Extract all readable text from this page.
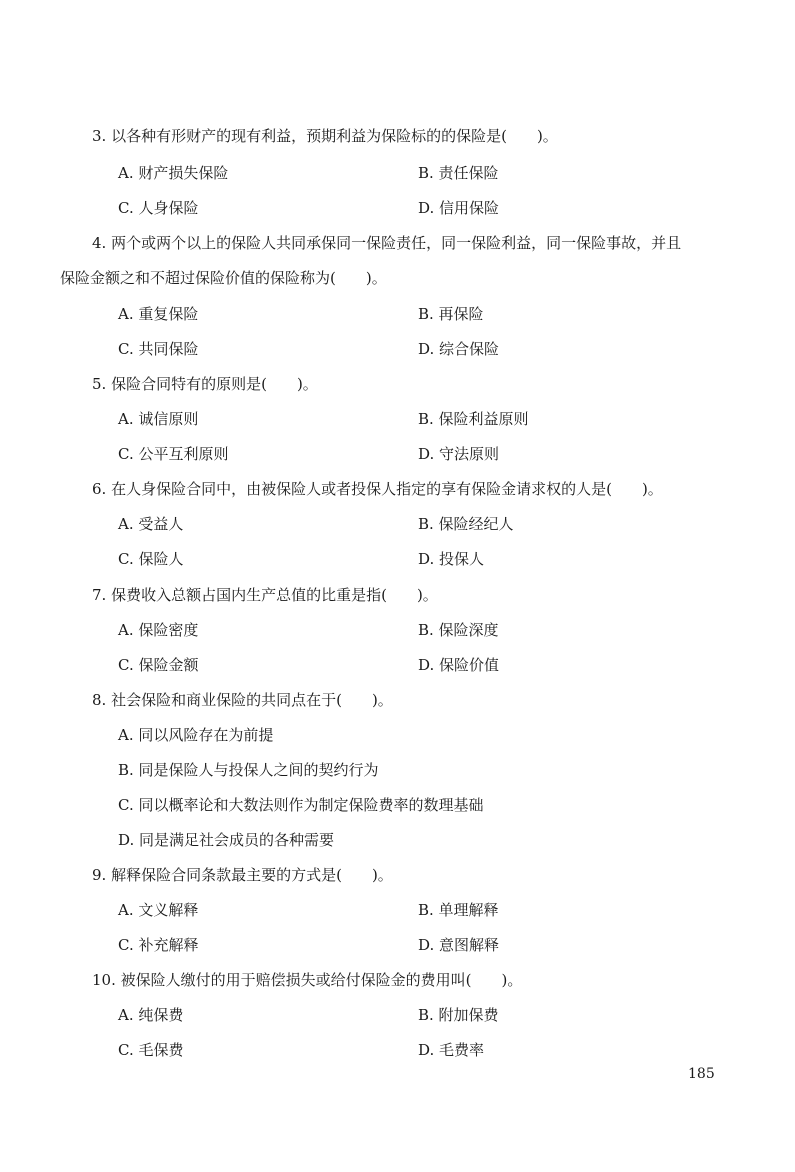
3. 以各种有形财产的现有利益，预期利益为保险标的的保险是(　　)。
A. 财产损失保险	B. 责任保险
C. 人身保险	D. 信用保险
4. 两个或两个以上的保险人共同承保同一保险责任，同一保险利益，同一保险事故，并且
保险金额之和不超过保险价值的保险称为(　　)。
A. 重复保险	B. 再保险
C. 共同保险	D. 综合保险
5. 保险合同特有的原则是(　　)。
A. 诚信原则	B. 保险利益原则
C. 公平互利原则	D. 守法原则
6. 在人身保险合同中，由被保险人或者投保人指定的享有保险金请求权的人是(　　)。
A. 受益人	B. 保险经纪人
C. 保险人	D. 投保人
7. 保费收入总额占国内生产总值的比重是指(　　)。
A. 保险密度	B. 保险深度
C. 保险金额	D. 保险价值
8. 社会保险和商业保险的共同点在于(　　)。
A. 同以风险存在为前提
B. 同是保险人与投保人之间的契约行为
C. 同以概率论和大数法则作为制定保险费率的数理基础
D. 同是满足社会成员的各种需要
9. 解释保险合同条款最主要的方式是(　　)。
A. 文义解释	B. 单理解释
C. 补充解释	D. 意图解释
10. 被保险人缴付的用于赔偿损失或给付保险金的费用叫(　　)。
A. 纯保费	B. 附加保费
C. 毛保费	D. 毛费率
185
